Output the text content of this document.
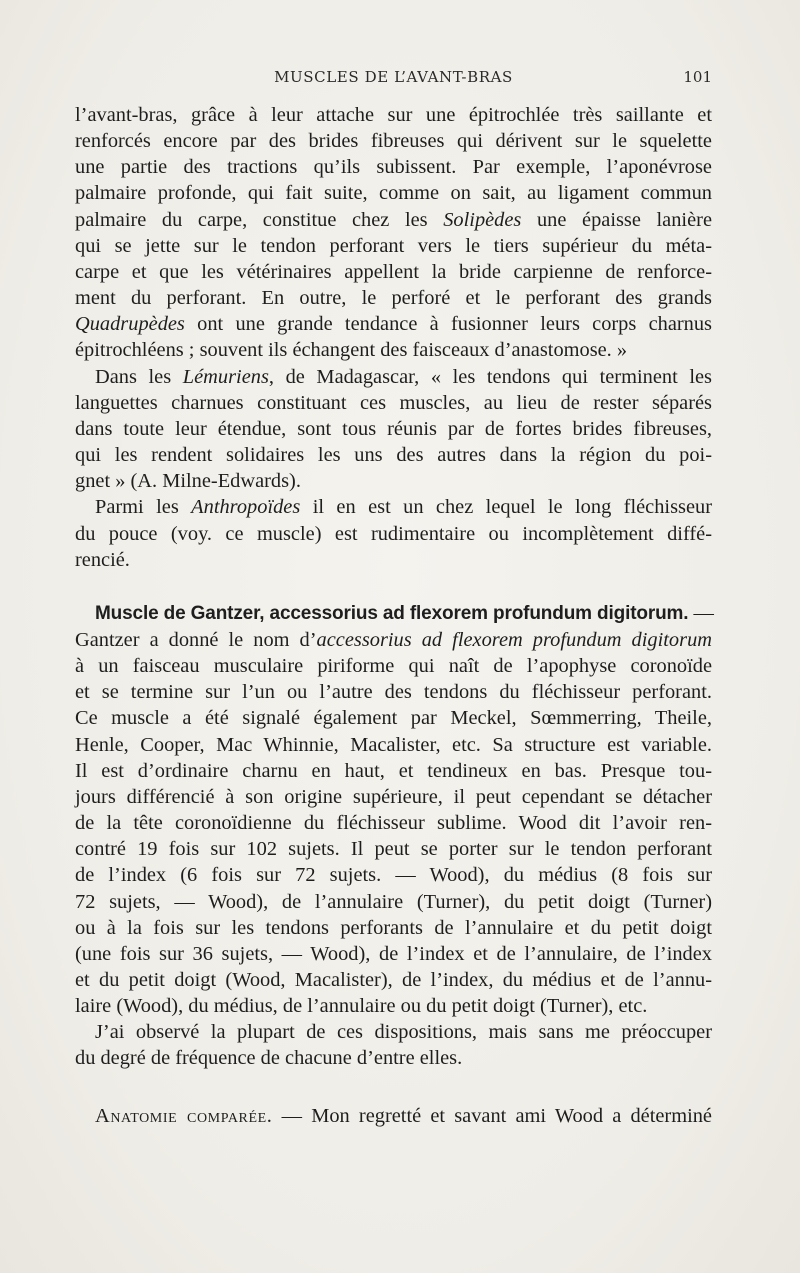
MUSCLES DE L’AVANT-BRAS	101
l’avant-bras, grâce à leur attache sur une épitrochlée très saillante et
renforcés encore par des brides fibreuses qui dérivent sur le squelette
une partie des tractions qu’ils subissent. Par exemple, l’aponévrose
palmaire profonde, qui fait suite, comme on sait, au ligament commun
palmaire du carpe, constitue chez les Solipèdes une épaisse lanière
qui se jette sur le tendon perforant vers le tiers supérieur du méta-
carpe et que les vétérinaires appellent la bride carpienne de renforce-
ment du perforant. En outre, le perforé et le perforant des grands
Quadrupèdes ont une grande tendance à fusionner leurs corps charnus
épitrochléens ; souvent ils échangent des faisceaux d’anastomose. »
Dans les Lémuriens, de Madagascar, « les tendons qui terminent les
languettes charnues constituant ces muscles, au lieu de rester séparés
dans toute leur étendue, sont tous réunis par de fortes brides fibreuses,
qui les rendent solidaires les uns des autres dans la région du poi-
gnet » (A. Milne-Edwards).
Parmi les Anthropoïdes il en est un chez lequel le long fléchisseur
du pouce (voy. ce muscle) est rudimentaire ou incomplètement diffé-
rencié.
Muscle de Gantzer, accessorius ad flexorem profundum digitorum. —
Gantzer a donné le nom d’accessorius ad flexorem profundum digitorum
à un faisceau musculaire piriforme qui naît de l’apophyse coronoïde
et se termine sur l’un ou l’autre des tendons du fléchisseur perforant.
Ce muscle a été signalé également par Meckel, Sœmmerring, Theile,
Henle, Cooper, Mac Whinnie, Macalister, etc. Sa structure est variable.
Il est d’ordinaire charnu en haut, et tendineux en bas. Presque tou-
jours différencié à son origine supérieure, il peut cependant se détacher
de la tête coronoïdienne du fléchisseur sublime. Wood dit l’avoir ren-
contré 19 fois sur 102 sujets. Il peut se porter sur le tendon perforant
de l’index (6 fois sur 72 sujets. — Wood), du médius (8 fois sur
72 sujets, — Wood), de l’annulaire (Turner), du petit doigt (Turner)
ou à la fois sur les tendons perforants de l’annulaire et du petit doigt
(une fois sur 36 sujets, — Wood), de l’index et de l’annulaire, de l’index
et du petit doigt (Wood, Macalister), de l’index, du médius et de l’annu-
laire (Wood), du médius, de l’annulaire ou du petit doigt (Turner), etc.
J’ai observé la plupart de ces dispositions, mais sans me préoccuper
du degré de fréquence de chacune d’entre elles.
Anatomie comparée. — Mon regretté et savant ami Wood a déterminé
